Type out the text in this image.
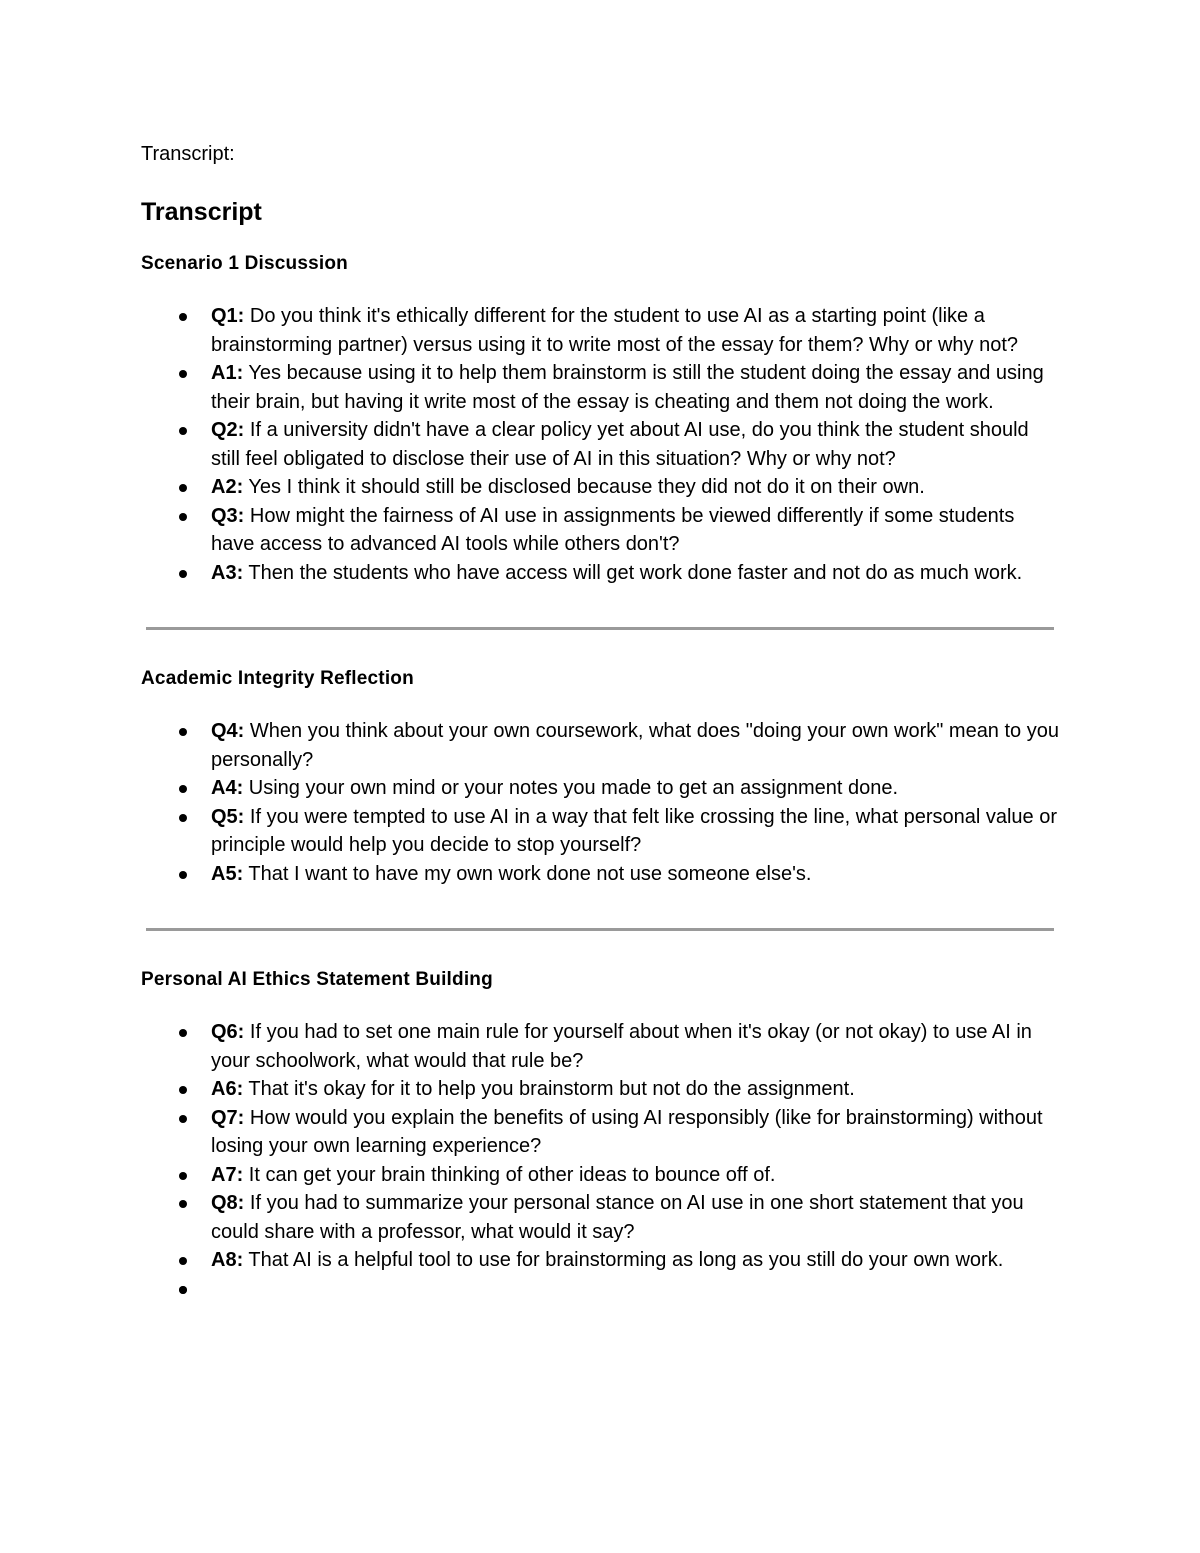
Transcript:

Transcript
Scenario 1 Discussion
Q1: Do you think it's ethically different for the student to use AI as a starting point (like a brainstorming partner) versus using it to write most of the essay for them? Why or why not?
A1: Yes because using it to help them brainstorm is still the student doing the essay and using their brain, but having it write most of the essay is cheating and them not doing the work.
Q2: If a university didn't have a clear policy yet about AI use, do you think the student should still feel obligated to disclose their use of AI in this situation? Why or why not?
A2: Yes I think it should still be disclosed because they did not do it on their own.
Q3: How might the fairness of AI use in assignments be viewed differently if some students have access to advanced AI tools while others don't?
A3: Then the students who have access will get work done faster and not do as much work.
Academic Integrity Reflection
Q4: When you think about your own coursework, what does "doing your own work" mean to you personally?
A4: Using your own mind or your notes you made to get an assignment done.
Q5: If you were tempted to use AI in a way that felt like crossing the line, what personal value or principle would help you decide to stop yourself?
A5: That I want to have my own work done not use someone else's.
Personal AI Ethics Statement Building
Q6: If you had to set one main rule for yourself about when it's okay (or not okay) to use AI in your schoolwork, what would that rule be?
A6: That it's okay for it to help you brainstorm but not do the assignment.
Q7: How would you explain the benefits of using AI responsibly (like for brainstorming) without losing your own learning experience?
A7: It can get your brain thinking of other ideas to bounce off of.
Q8: If you had to summarize your personal stance on AI use in one short statement that you could share with a professor, what would it say?
A8: That AI is a helpful tool to use for brainstorming as long as you still do your own work.
